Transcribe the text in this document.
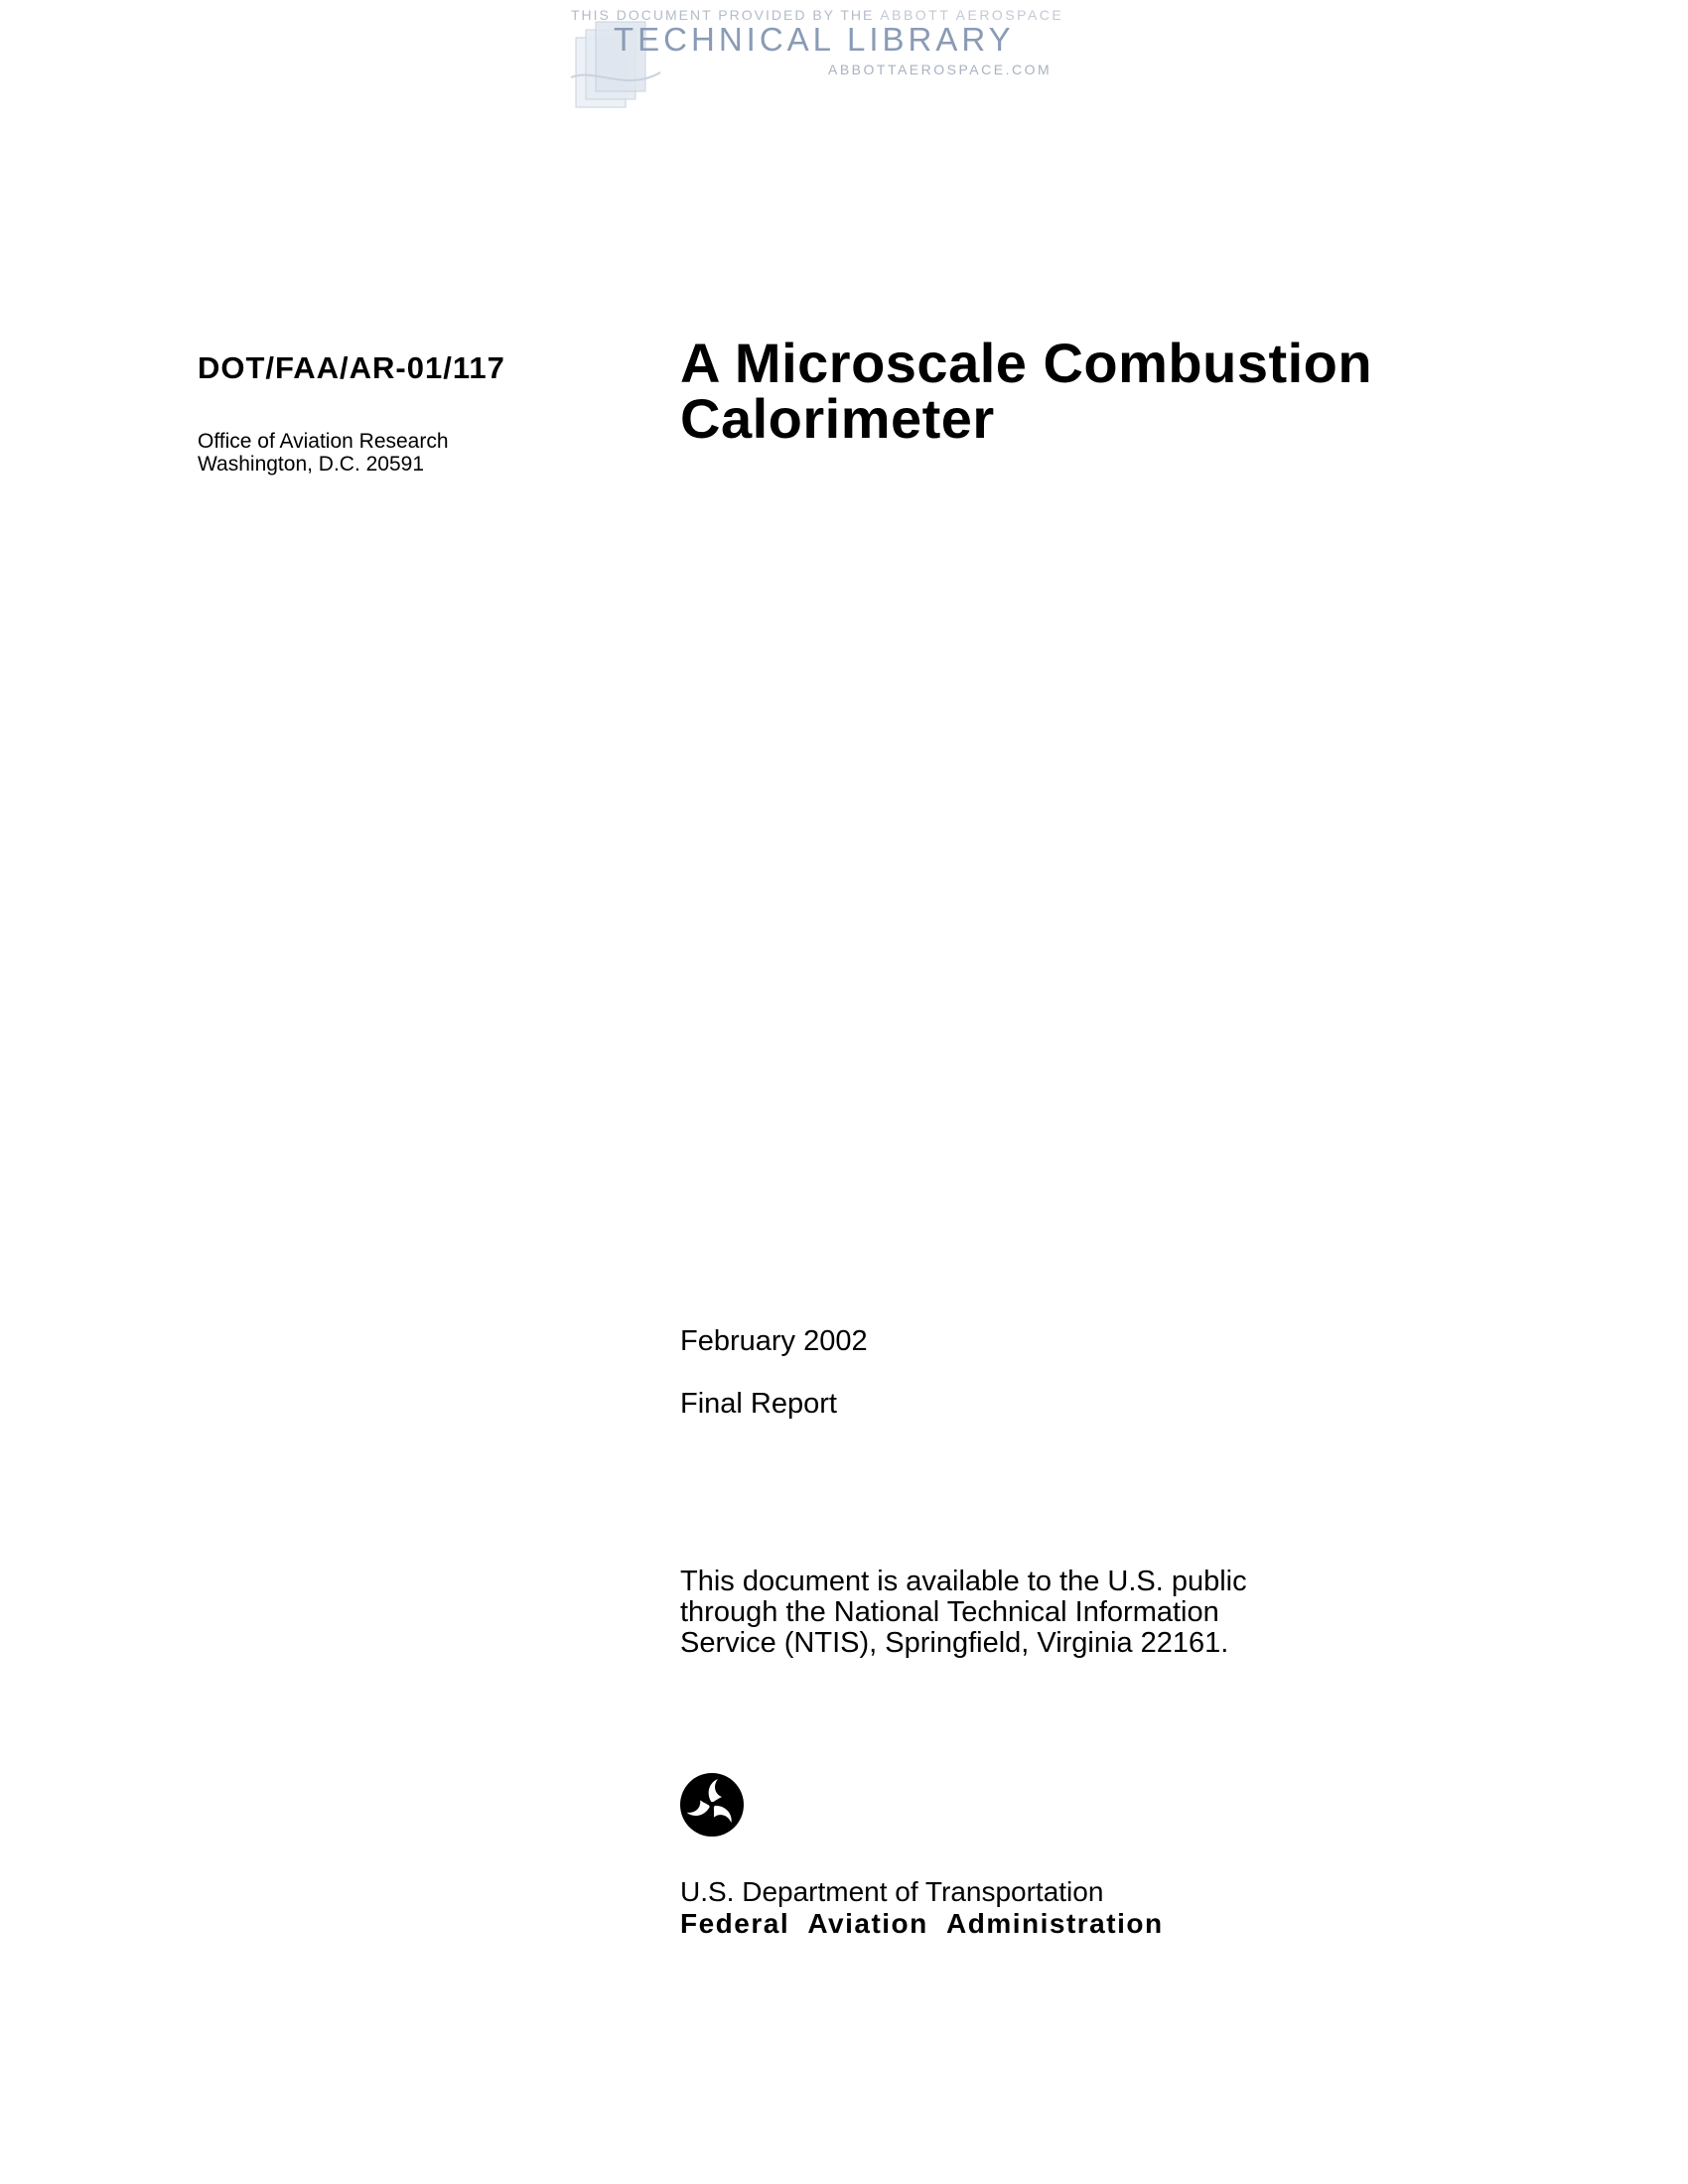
THIS DOCUMENT PROVIDED BY THE ABBOTT AEROSPACE
TECHNICAL LIBRARY
ABBOTTAEROSPACE.COM
DOT/FAA/AR-01/117
Office of Aviation Research
Washington, D.C. 20591
A Microscale Combustion
Calorimeter
February 2002
Final Report
This document is available to the U.S. public
through the National Technical Information
Service (NTIS), Springfield, Virginia 22161.
U.S. Department of Transportation
Federal Aviation Administration
